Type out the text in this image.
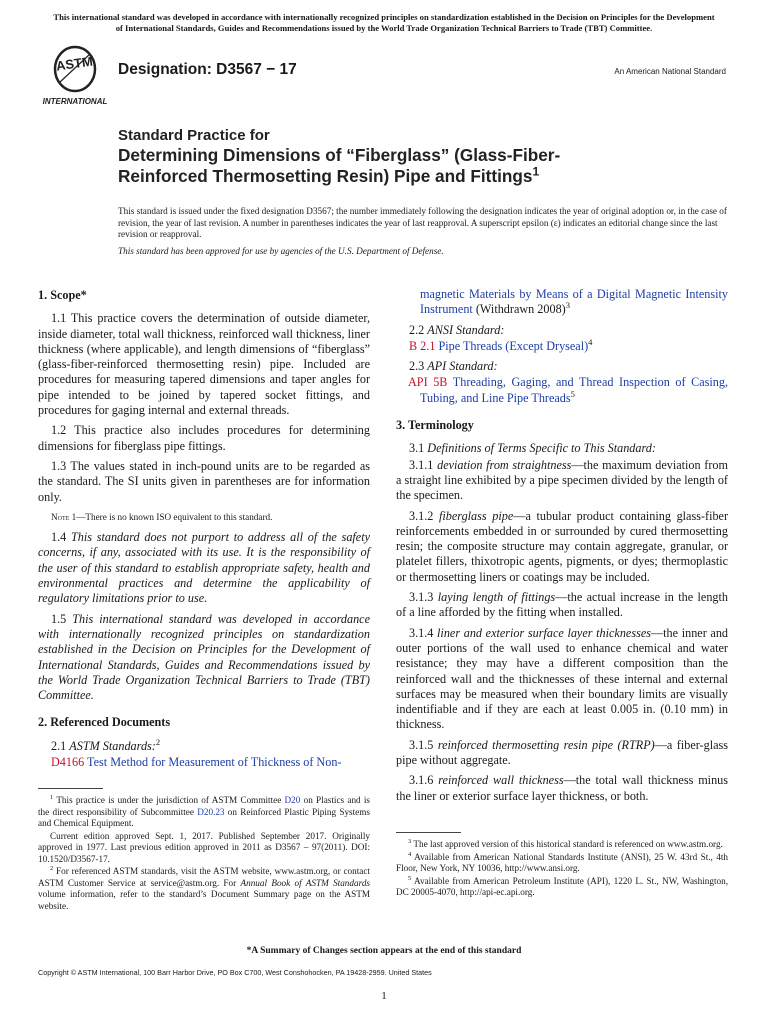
This international standard was developed in accordance with internationally recognized principles on standardization established in the Decision on Principles for the Development of International Standards, Guides and Recommendations issued by the World Trade Organization Technical Barriers to Trade (TBT) Committee.
ASTM
INTERNATIONAL
Designation: D3567 − 17	An American National Standard
Standard Practice for
Determining Dimensions of “Fiberglass” (Glass-Fiber-
Reinforced Thermosetting Resin) Pipe and Fittings$^1$

This standard is issued under the fixed designation D3567; the number immediately following the designation indicates the year of original adoption or, in the case of revision, the year of last revision. A number in parentheses indicates the year of last reapproval. A superscript epsilon (ε) indicates an editorial change since the last revision or reapproval.

This standard has been approved for use by agencies of the U.S. Department of Defense.

1. Scope*

1.1 This practice covers the determination of outside diameter, inside diameter, total wall thickness, reinforced wall thickness, liner thickness (where applicable), and length dimensions of “fiberglass” (glass-fiber-reinforced thermosetting resin) pipe. Included are procedures for measuring tapered dimensions and taper angles for pipe intended to be joined by tapered socket fittings, and procedures for gaging internal and external threads.

1.2 This practice also includes procedures for determining dimensions for fiberglass pipe fittings.

1.3 The values stated in inch-pound units are to be regarded as the standard. The SI units given in parentheses are for information only.

Note 1—There is no known ISO equivalent to this standard.

1.4 This standard does not purport to address all of the safety concerns, if any, associated with its use. It is the responsibility of the user of this standard to establish appropriate safety, health and environmental practices and determine the applicability of regulatory limitations prior to use.

1.5 This international standard was developed in accordance with internationally recognized principles on standardization established in the Decision on Principles for the Development of International Standards, Guides and Recommendations issued by the World Trade Organization Technical Barriers to Trade (TBT) Committee.

2. Referenced Documents

2.1 ASTM Standards:$^2$

D4166 Test Method for Measurement of Thickness of Non-

magnetic Materials by Means of a Digital Magnetic Intensity Instrument (Withdrawn 2008)$^3$

2.2 ANSI Standard:

B 2.1 Pipe Threads (Except Dryseal)$^4$

2.3 API Standard:

API 5B Threading, Gaging, and Thread Inspection of Casing, Tubing, and Line Pipe Threads$^5$

3. Terminology

3.1 Definitions of Terms Specific to This Standard:

3.1.1 deviation from straightness—the maximum deviation from a straight line exhibited by a pipe specimen divided by the length of the specimen.

3.1.2 fiberglass pipe—a tubular product containing glass-fiber reinforcements embedded in or surrounded by cured thermosetting resin; the composite structure may contain aggregate, granular, or platelet fillers, thixotropic agents, pigments, or dyes; thermoplastic or thermosetting liners or coatings may be included.

3.1.3 laying length of fittings—the actual increase in the length of a line afforded by the fitting when installed.

3.1.4 liner and exterior surface layer thicknesses—the inner and outer portions of the wall used to enhance chemical and water resistance; they may have a different composition than the reinforced wall and the thicknesses of these internal and external surfaces may be measured when their boundary limits are visually indentifiable and if they are each at least 0.005 in. (0.10 mm) in thickness.

3.1.5 reinforced thermosetting resin pipe (RTRP)—a fiber-glass pipe without aggregate.

3.1.6 reinforced wall thickness—the total wall thickness minus the liner or exterior surface layer thickness, or both.

$^1$ This practice is under the jurisdiction of ASTM Committee D20 on Plastics and is the direct responsibility of Subcommittee D20.23 on Reinforced Plastic Piping Systems and Chemical Equipment.

Current edition approved Sept. 1, 2017. Published September 2017. Originally approved in 1977. Last previous edition approved in 2011 as D3567 – 97(2011). DOI: 10.1520/D3567-17.

$^2$ For referenced ASTM standards, visit the ASTM website, www.astm.org, or contact ASTM Customer Service at service@astm.org. For Annual Book of ASTM Standards volume information, refer to the standard’s Document Summary page on the ASTM website.

$^3$ The last approved version of this historical standard is referenced on www.astm.org.

$^4$ Available from American National Standards Institute (ANSI), 25 W. 43rd St., 4th Floor, New York, NY 10036, http://www.ansi.org.

$^5$ Available from American Petroleum Institute (API), 1220 L. St., NW, Washington, DC 20005-4070, http://api-ec.api.org.

*A Summary of Changes section appears at the end of this standard
Copyright © ASTM International, 100 Barr Harbor Drive, PO Box C700, West Conshohocken, PA 19428-2959. United States
1
